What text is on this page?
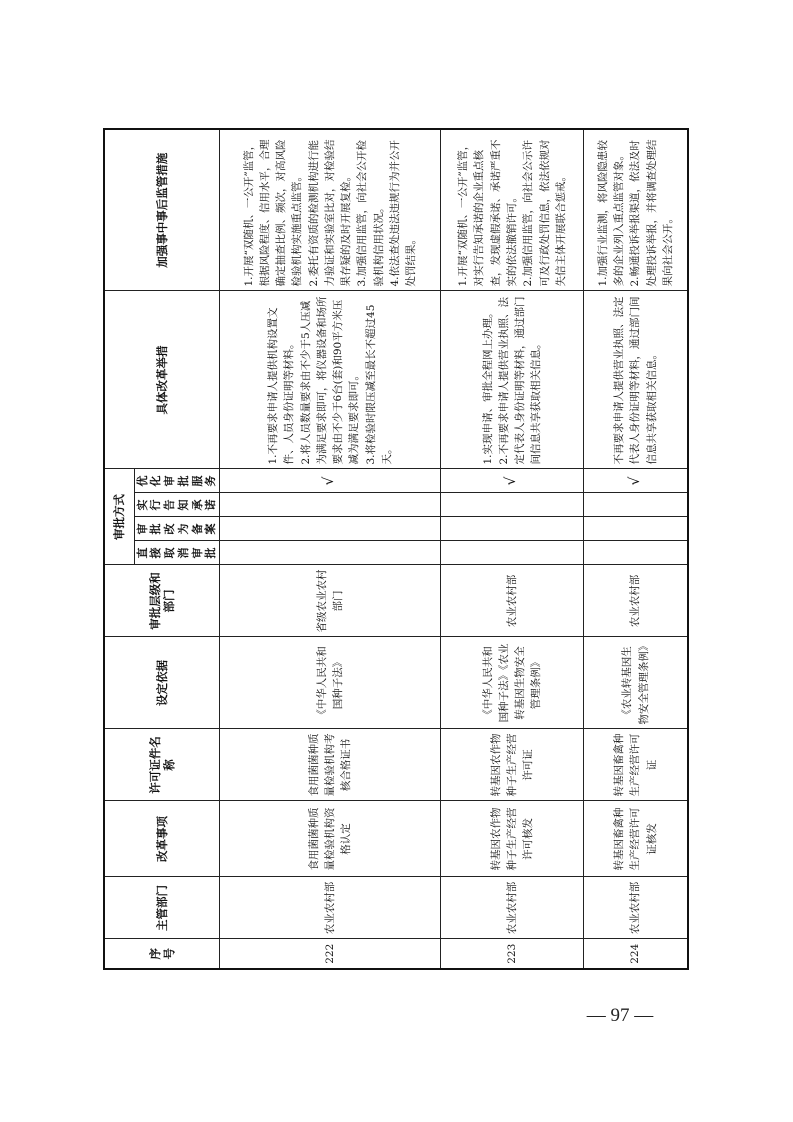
序号	主管部门	改革事项	许可证件名称	设定依据	审批层级和部门	审批方式				具体改革举措	加强事中事后监管措施
						直接取消审批	审批改为备案	实行告知承诺	优化审批服务		
222	农业农村部	食用菌菌种质量检验机构资格认定	食用菌菌种质量检验机构考核合格证书	《中华人民共和国种子法》	省级农业农村部门				√	1.不再要求申请人提供机构设置文件、人员身份证明等材料。
2.将人员数量要求由不少于5人压减为满足要求即可，将仪器设备和场所要求由不少于6台(套)和90平方米压减为满足要求即可。
3.将检验时限压减至最长不超过45天。	1.开展“双随机、一公开”监管，根据风险程度、信用水平，合理确定抽查比例、频次，对高风险检验机构实施重点监管。
2.委托有资质的检测机构进行能力验证和实验室比对，对检验结果存疑的及时开展复检。
3.加强信用监管，向社会公开检验机构信用状况。
4.依法查处违法违规行为并公开处罚结果。
223	农业农村部	转基因农作物种子生产经营许可核发	转基因农作物种子生产经营许可证	《中华人民共和国种子法》《农业转基因生物安全管理条例》	农业农村部				√	1.实现申请、审批全程网上办理。
2.不再要求申请人提供营业执照、法定代表人身份证明等材料，通过部门间信息共享获取相关信息。	1.开展“双随机、一公开”监管，对实行告知承诺的企业重点核查，发现虚假承诺、承诺严重不实的依法撤销许可。
2.加强信用监管，向社会公示许可及行政处罚信息，依法依规对失信主体开展联合惩戒。
224	农业农村部	转基因畜禽种生产经营许可证核发	转基因畜禽种生产经营许可证	《农业转基因生物安全管理条例》	农业农村部				√	不再要求申请人提供营业执照、法定代表人身份证明等材料，通过部门间信息共享获取相关信息。	1.加强行业监测，将风险隐患较多的企业列入重点监管对象。
2.畅通投诉举报渠道，依法及时处理投诉举报，并将调查处理结果向社会公开。
— 97 —
